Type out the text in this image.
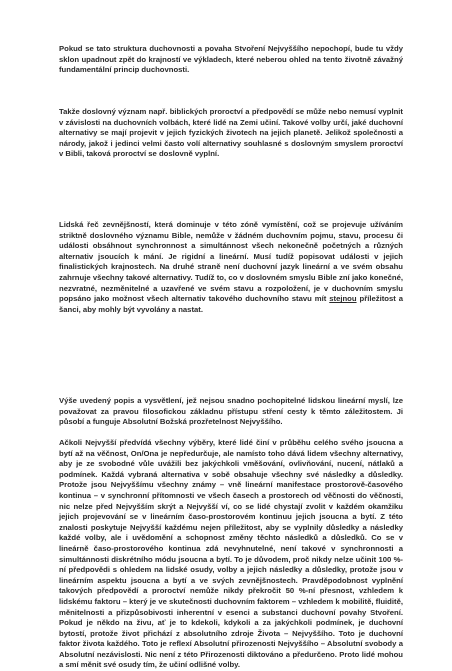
Pokud se tato struktura duchovnosti a povaha Stvoření Nejvyššího nepochopí, bude tu vždy sklon upadnout zpět do krajností ve výkladech, které neberou ohled na tento životně závažný fundamentální princip duchovnosti.

Takže doslovný význam např. biblických proroctví a předpovědí se může nebo nemusí vyplnit v závislosti na duchovních volbách, které lidé na Zemi učiní. Takové volby určí, jaké duchovní alternativy se mají projevit v jejich fyzických životech na jejich planetě. Jelikož společnosti a národy, jakož i jedinci velmi často volí alternativy souhlasné s doslovným smyslem proroctví v Bibli, taková proroctví se doslovně vyplní.

Lidská řeč zevnějšností, která dominuje v této zóně vymístění, což se projevuje užíváním striktně doslovného významu Bible, nemůže v žádném duchovním pojmu, stavu, procesu či události obsáhnout synchronnost a simultánnost všech nekonečně početných a různých alternativ jsoucích k mání. Je rigidní a lineární. Musí tudíž popisovat události v jejich finalistických krajnostech. Na druhé straně není duchovní jazyk lineární a ve svém obsahu zahrnuje všechny takové alternativy. Tudíž to, co v doslovném smyslu Bible zní jako konečné, nezvratné, nezměnitelné a uzavřené ve svém stavu a rozpoložení, je v duchovním smyslu popsáno jako možnost všech alternativ takového duchovního stavu mít stejnou příležitost a šanci, aby mohly být vyvolány a nastat.

Výše uvedený popis a vysvětlení, jež nejsou snadno pochopitelné lidskou lineární myslí, lze považovat za pravou filosofickou základnu přístupu stření cesty k těmto záležitostem. Ji působí a funguje Absolutní Božská prozřetelnost Nejvyššího.

Ačkoli Nejvyšší předvídá všechny výběry, které lidé činí v průběhu celého svého jsoucna a bytí až na věčnost, On/Ona je nepředurčuje, ale namísto toho dává lidem všechny alternativy, aby je ze svobodné vůle uvážili bez jakýchkoli vměšování, ovlivňování, nucení, nátlaků a podmínek. Každá vybraná alternativa v sobě obsahuje všechny své následky a důsledky. Protože jsou Nejvyššímu všechny známy – vně lineární manifestace prostorově-časového kontinua – v synchronní přítomnosti ve všech časech a prostorech od věčnosti do věčnosti, nic nelze před Nejvyšším skrýt a Nejvyšší ví, co se lidé chystají zvolit v každém okamžiku jejich projevování se v lineárním časo-prostorovém kontinuu jejich jsoucna a bytí. Z této znalosti poskytuje Nejvyšší každému nejen příležitost, aby se vyplnily důsledky a následky každé volby, ale i uvědomění a schopnost změny těchto následků a důsledků. Co se v lineárně časo-prostorového kontinua zdá nevyhnutelné, není takové v synchronnosti a simultánnosti diskrétního módu jsoucna a bytí. To je důvodem, proč nikdy nelze učinit 100 %-ní předpovědi s ohledem na lidské osudy, volby a jejich následky a důsledky, protože jsou v lineárním aspektu jsoucna a bytí a ve svých zevnějšnostech. Pravděpodobnost vyplnění takových předpovědí a proroctví nemůže nikdy překročit 50 %-ní přesnost, vzhledem k lidskému faktoru – který je ve skutečnosti duchovním faktorem – vzhledem k mobilitě, fluiditě, měnitelnosti a přizpůsobivosti inherentní v esenci a substanci duchovní povahy Stvoření. Pokud je někdo na živu, ať je to kdekoli, kdykoli a za jakýchkoli podmínek, je duchovní bytostí, protože život přichází z absolutního zdroje Života – Nejvyššího. Toto je duchovní faktor života každého. Toto je reflexí Absolutní přirozenosti Nejvyššího – Absolutní svobody a Absolutní nezávislosti. Nic není z této Přirozenosti diktováno a předurčeno. Proto lidé mohou a smí měnit své osudy tím, že učiní odlišné volby.
